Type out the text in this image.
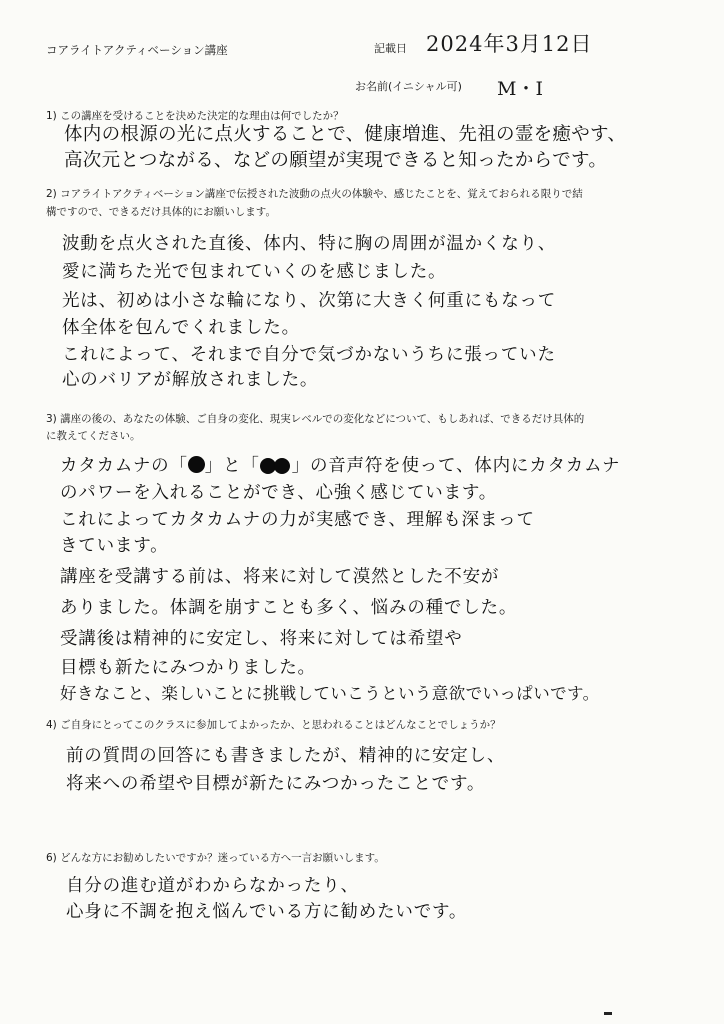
コアライトアクティベーション講座	記載日 2024年3月12日
お名前(イニシャル可) M・I
1) この講座を受けることを決めた決定的な理由は何でしたか？
体内の根源の光に点火することで、健康増進、先祖の霊を癒やす、
高次元とつながる、などの願望が実現できると知ったからです。
2) コアライトアクティベーション講座で伝授された波動の点火の体験や、感じたことを、覚えておられる限りで結
構ですので、できるだけ具体的にお願いします。
波動を点火された直後、体内、特に胸の周囲が温かくなり、
愛に満ちた光で包まれていくのを感じました。
光は、初めは小さな輪になり、次第に大きく何重にもなって
体全体を包んでくれました。
これによって、それまで自分で気づかないうちに張っていた
心のバリアが解放されました。
3) 講座の後の、あなたの体験、ご自身の変化、現実レベルでの変化などについて、もしあれば、できるだけ具体的
に教えてください。
カタカムナの「 」と「 」の音声符を使って、体内にカタカムナ
のパワーを入れることができ、心強く感じています。
これによってカタカムナの力が実感でき、理解も深まって
きています。
講座を受講する前は、将来に対して漠然とした不安が
ありました。体調を崩すことも多く、悩みの種でした。
受講後は精神的に安定し、将来に対しては希望や
目標も新たにみつかりました。
好きなこと、楽しいことに挑戦していこうという意欲でいっぱいです。
4) ご自身にとってこのクラスに参加してよかったか、と思われることはどんなことでしょうか？
前の質問の回答にも書きましたが、精神的に安定し、
将来への希望や目標が新たにみつかったことです。
6) どんな方にお勧めしたいですか？迷っている方へ一言お願いします。
自分の進む道がわからなかったり、
心身に不調を抱え悩んでいる方に勧めたいです。
